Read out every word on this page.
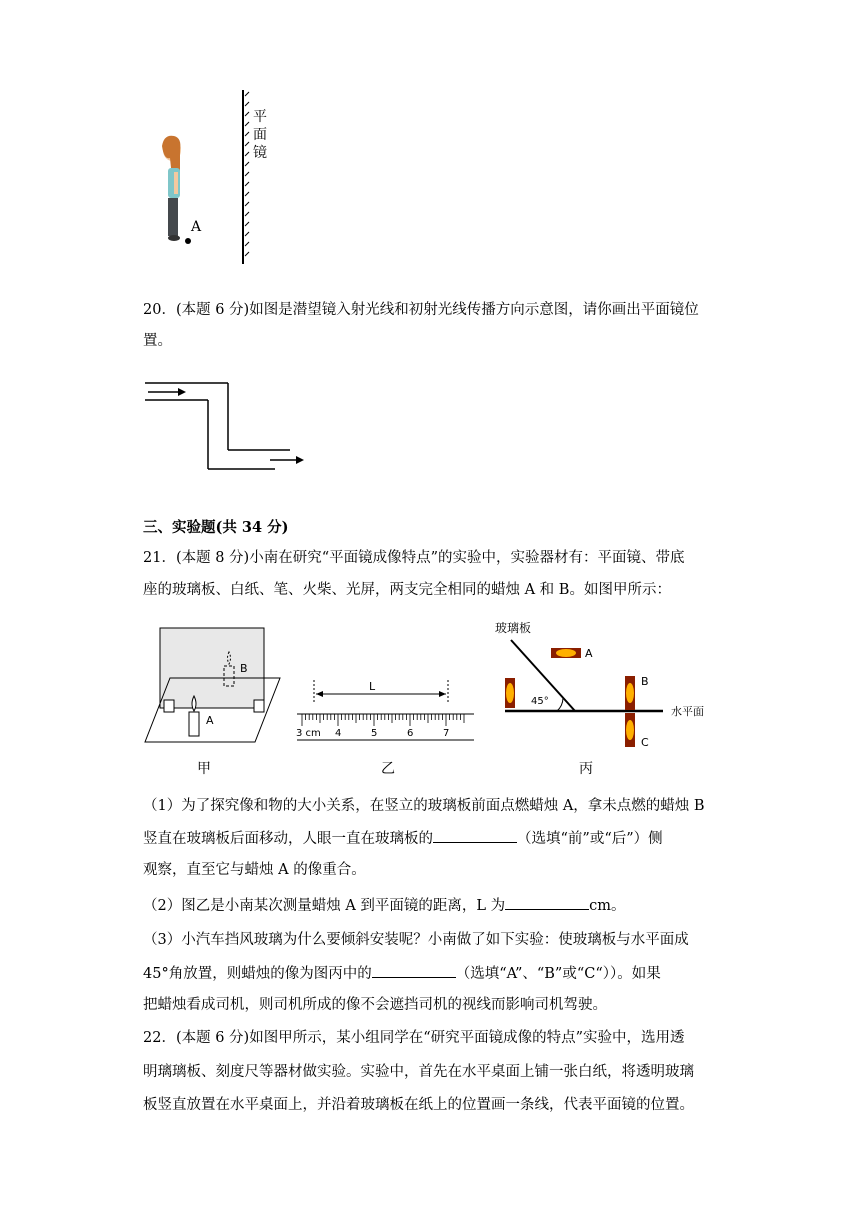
平面镜
A
20．(本题 6 分)如图是潜望镜入射光线和初射光线传播方向示意图，请你画出平面镜位
置。
三、实验题(共 34 分)
21．(本题 8 分)小南在研究“平面镜成像特点”的实验中，实验器材有：平面镜、带底
座的玻璃板、白纸、笔、火柴、光屏，两支完全相同的蜡烛 A 和 B。如图甲所示：
B
A
甲
L
3 cm 4	5	6	7
乙
玻璃板
45°
水平面
A
B
C
丙
（1）为了探究像和物的大小关系，在竖立的玻璃板前面点燃蜡烛 A，拿未点燃的蜡烛 B
竖直在玻璃板后面移动，人眼一直在玻璃板的	（选填“前”或“后”）侧
观察，直至它与蜡烛 A 的像重合。
（2）图乙是小南某次测量蜡烛 A 到平面镜的距离，L 为	cm。
（3）小汽车挡风玻璃为什么要倾斜安装呢？小南做了如下实验：使玻璃板与水平面成
45°角放置，则蜡烛的像为图丙中的	（选填“A”、“B”或“C“））。如果
把蜡烛看成司机，则司机所成的像不会遮挡司机的视线而影响司机驾驶。
22．(本题 6 分)如图甲所示，某小组同学在“研究平面镜成像的特点”实验中，选用透
明璃璃板、刻度尺等器材做实验。实验中，首先在水平桌面上铺一张白纸，将透明玻璃
板竖直放置在水平桌面上，并沿着玻璃板在纸上的位置画一条线，代表平面镜的位置。
